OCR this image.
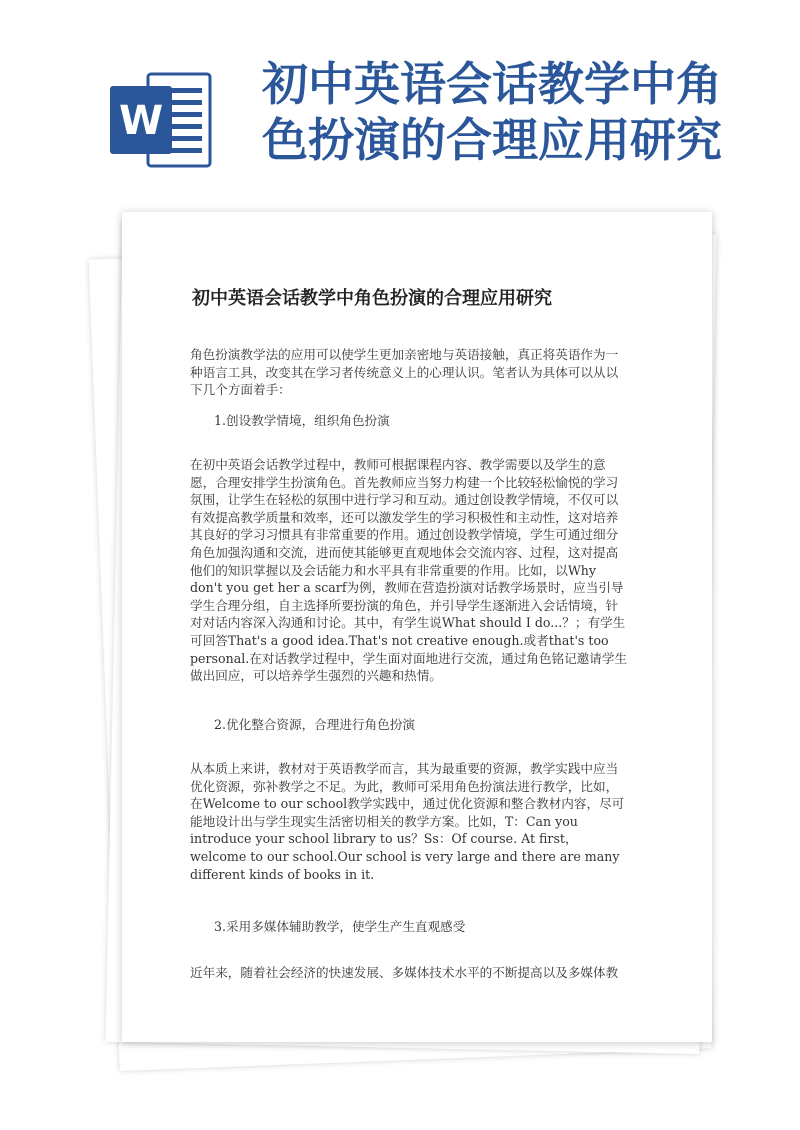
W
初中英语会话教学中角色扮演的合理应用研究
初中英语会话教学中角色扮演的合理应用研究

角色扮演教学法的应用可以使学生更加亲密地与英语接触，真正将英语作为一种语言工具，改变其在学习者传统意义上的心理认识。笔者认为具体可以从以下几个方面着手：

1.创设教学情境，组织角色扮演

在初中英语会话教学过程中，教师可根据课程内容、教学需要以及学生的意愿，合理安排学生扮演角色。首先教师应当努力构建一个比较轻松愉悦的学习氛围，让学生在轻松的氛围中进行学习和互动。通过创设教学情境，不仅可以有效提高教学质量和效率，还可以激发学生的学习积极性和主动性，这对培养其良好的学习习惯具有非常重要的作用。通过创设教学情境，学生可通过细分角色加强沟通和交流，进而使其能够更直观地体会交流内容、过程，这对提高他们的知识掌握以及会话能力和水平具有非常重要的作用。比如，以Why don't you get her a scarf为例，教师在营造扮演对话教学场景时，应当引导学生合理分组，自主选择所要扮演的角色，并引导学生逐渐进入会话情境，针对对话内容深入沟通和讨论。其中，有学生说What should I do...？；有学生可回答That's a good idea.That's not creative enough.或者that's too personal.在对话教学过程中，学生面对面地进行交流，通过角色铭记邀请学生做出回应，可以培养学生强烈的兴趣和热情。

2.优化整合资源，合理进行角色扮演

从本质上来讲，教材对于英语教学而言，其为最重要的资源，教学实践中应当优化资源，弥补教学之不足。为此，教师可采用角色扮演法进行教学，比如，在Welcome to our school教学实践中，通过优化资源和整合教材内容，尽可能地设计出与学生现实生活密切相关的教学方案。比如，T：Can you introduce your school library to us？Ss：Of course. At first，welcome to our school.Our school is very large and there are many different kinds of books in it.

3.采用多媒体辅助教学，使学生产生直观感受

近年来，随着社会经济的快速发展、多媒体技术水平的不断提高以及多媒体教
